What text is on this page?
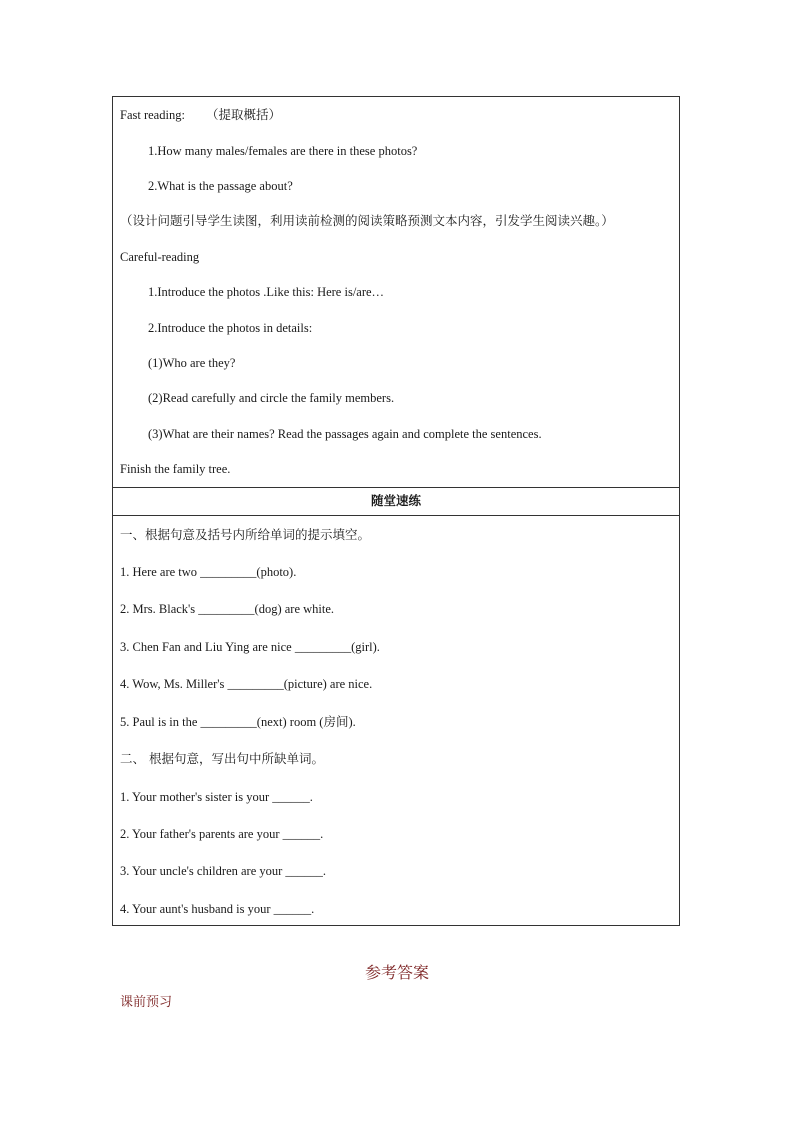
Fast reading: （提取概括）
1.How many males/females are there in these photos?
2.What is the passage about?
（设计问题引导学生读图，利用读前检测的阅读策略预测文本内容，引发学生阅读兴趣。）
Careful-reading
1.Introduce the photos .Like this: Here is/are…
2.Introduce the photos in details:
(1)Who are they?
(2)Read carefully and circle the family members.
(3)What are their names? Read the passages again and complete the sentences.
Finish the family tree.
随堂速练
一、根据句意及括号内所给单词的提示填空。
1. Here are two _________(photo).
2. Mrs. Black's _________(dog) are white.
3. Chen Fan and Liu Ying are nice _________(girl).
4. Wow, Ms. Miller's _________(picture) are nice.
5. Paul is in the _________(next) room (房间).
二、 根据句意，写出句中所缺单词。
1. Your mother's sister is your ______.
2. Your father's parents are your ______.
3. Your uncle's children are your ______.
4. Your aunt's husband is your ______.
参考答案
课前预习
